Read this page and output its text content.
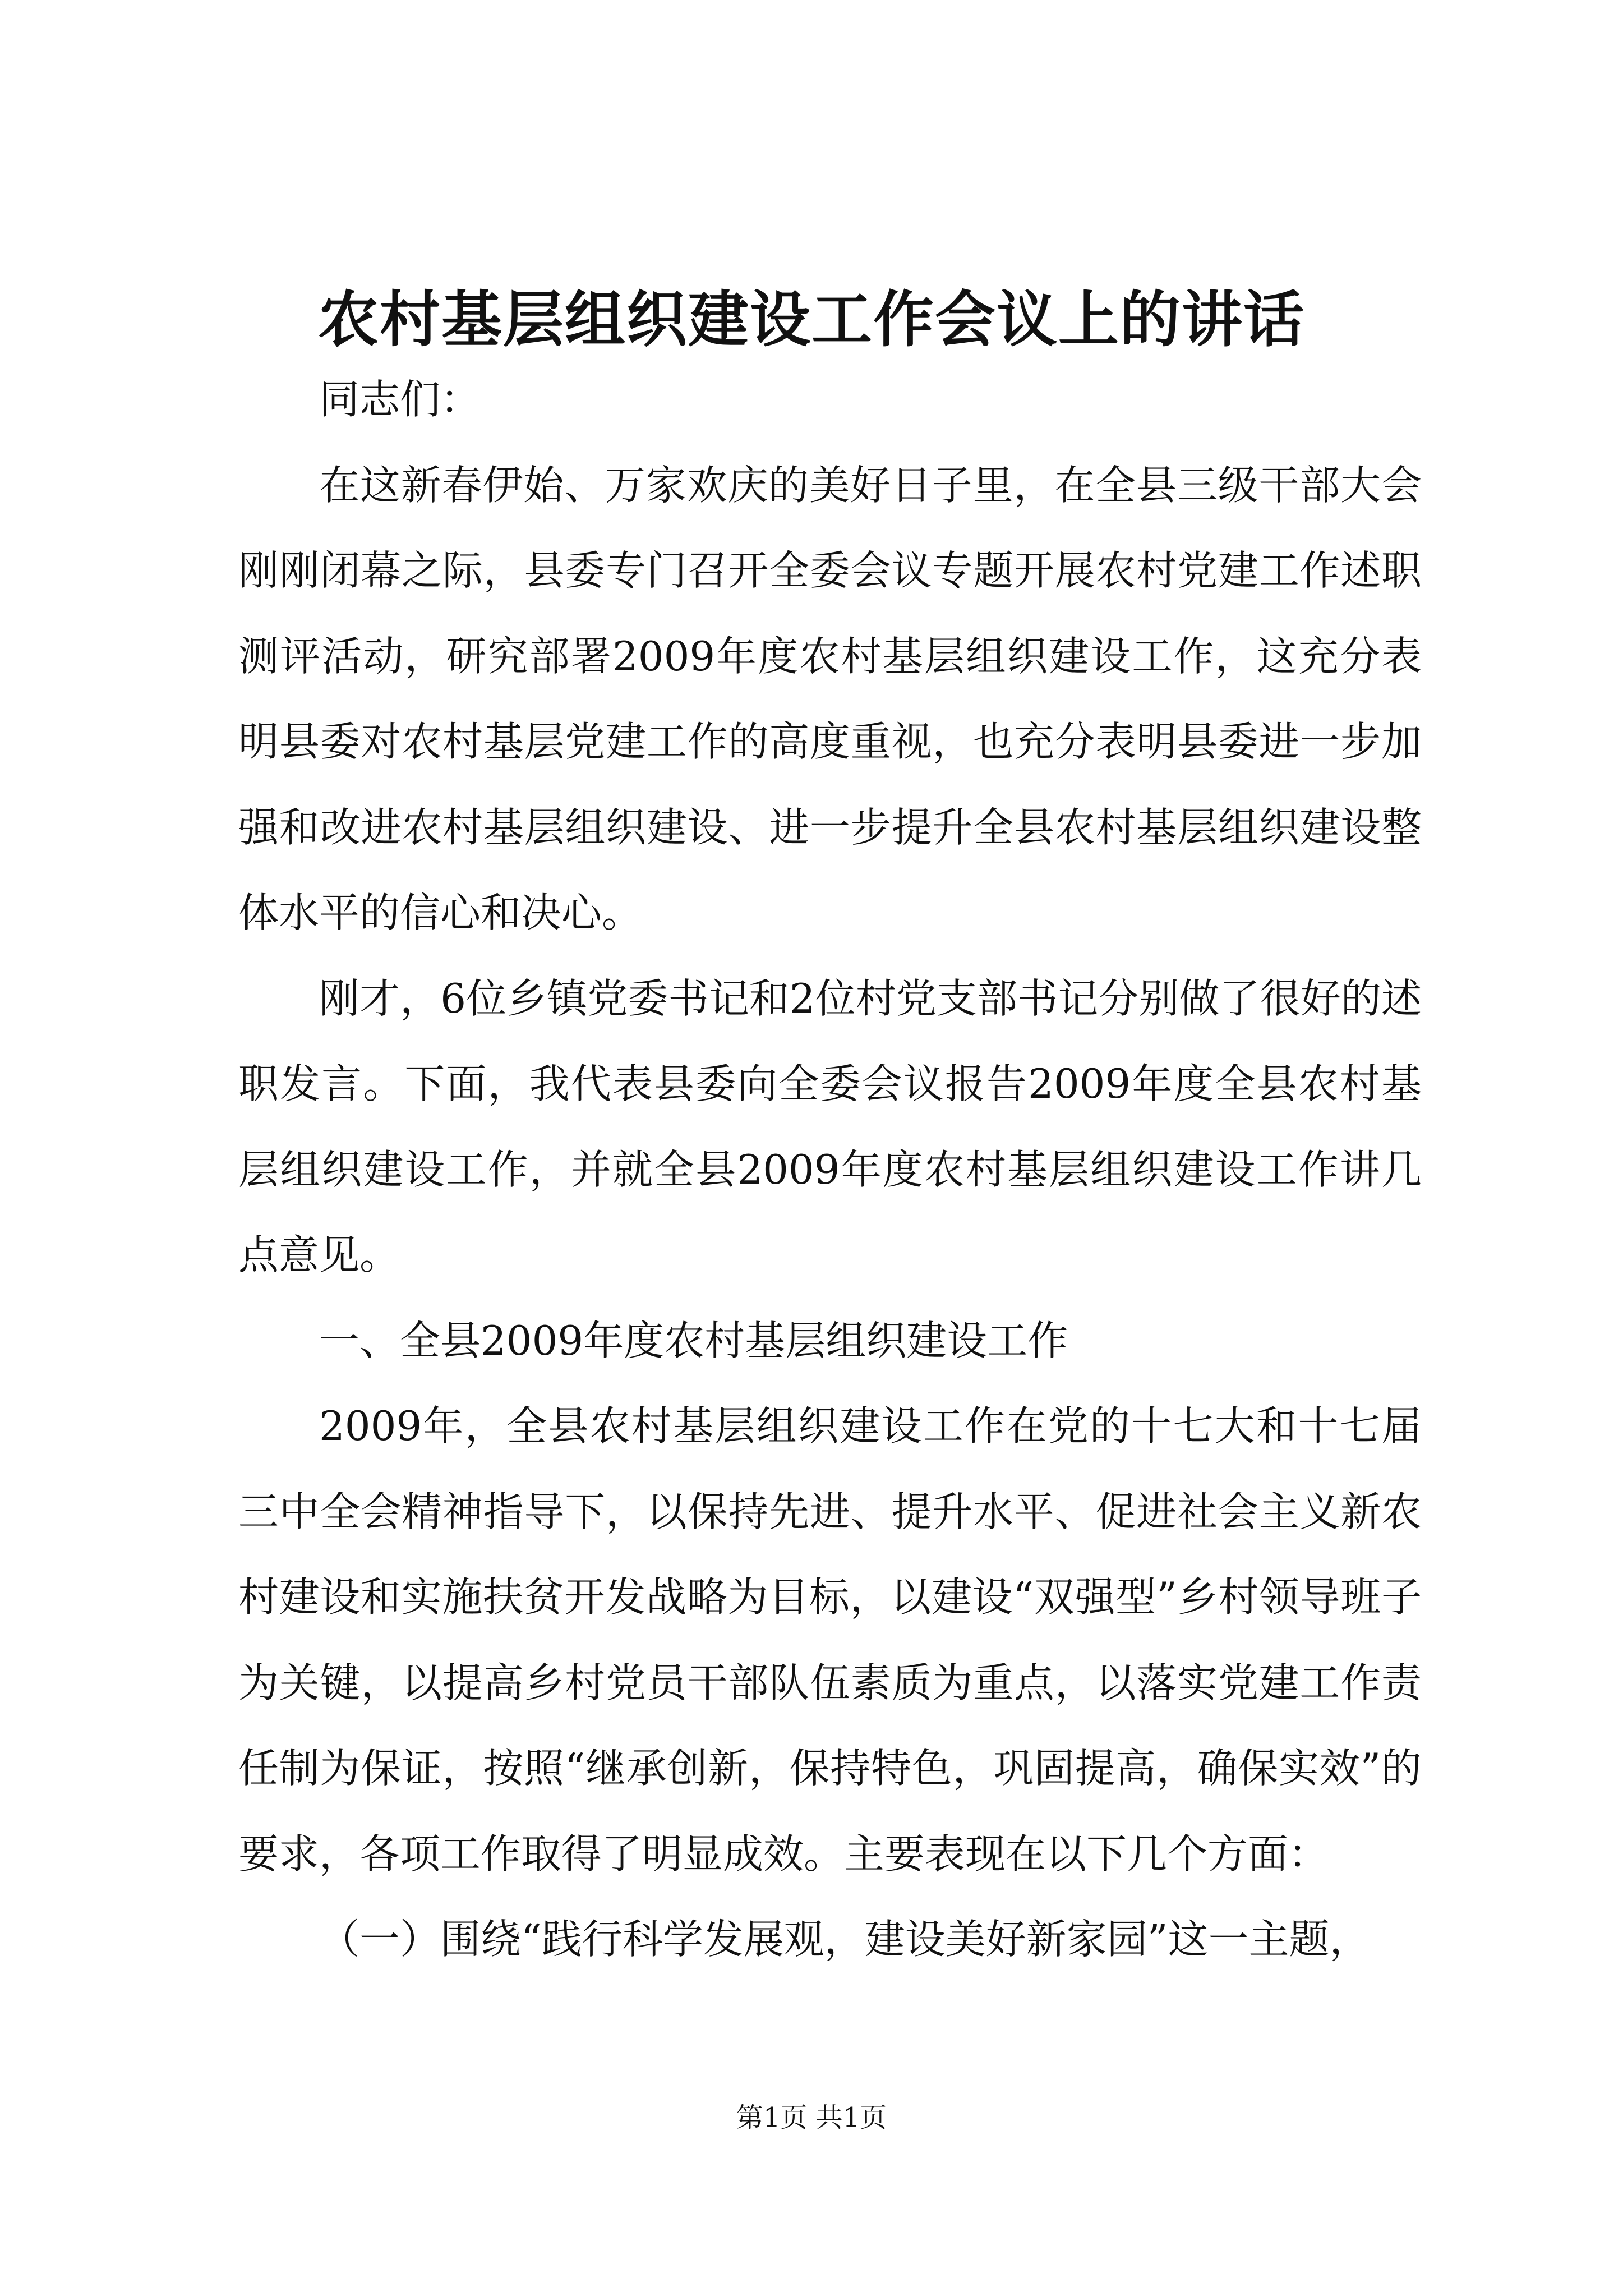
农村基层组织建设工作会议上的讲话

同志们：

在这新春伊始、万家欢庆的美好日子里，在全县三级干部大会刚刚闭幕之际，县委专门召开全委会议专题开展农村党建工作述职测评活动，研究部署2009年度农村基层组织建设工作，这充分表明县委对农村基层党建工作的高度重视，也充分表明县委进一步加强和改进农村基层组织建设、进一步提升全县农村基层组织建设整体水平的信心和决心。

刚才，6位乡镇党委书记和2位村党支部书记分别做了很好的述职发言。下面，我代表县委向全委会议报告2009年度全县农村基层组织建设工作，并就全县2009年度农村基层组织建设工作讲几点意见。

一、全县2009年度农村基层组织建设工作

2009年，全县农村基层组织建设工作在党的十七大和十七届三中全会精神指导下，以保持先进、提升水平、促进社会主义新农村建设和实施扶贫开发战略为目标，以建设“双强型”乡村领导班子为关键，以提高乡村党员干部队伍素质为重点，以落实党建工作责任制为保证，按照“继承创新，保持特色，巩固提高，确保实效”的要求，各项工作取得了明显成效。主要表现在以下几个方面：

（一）围绕“践行科学发展观，建设美好新家园”这一主题，

第1页 共1页
